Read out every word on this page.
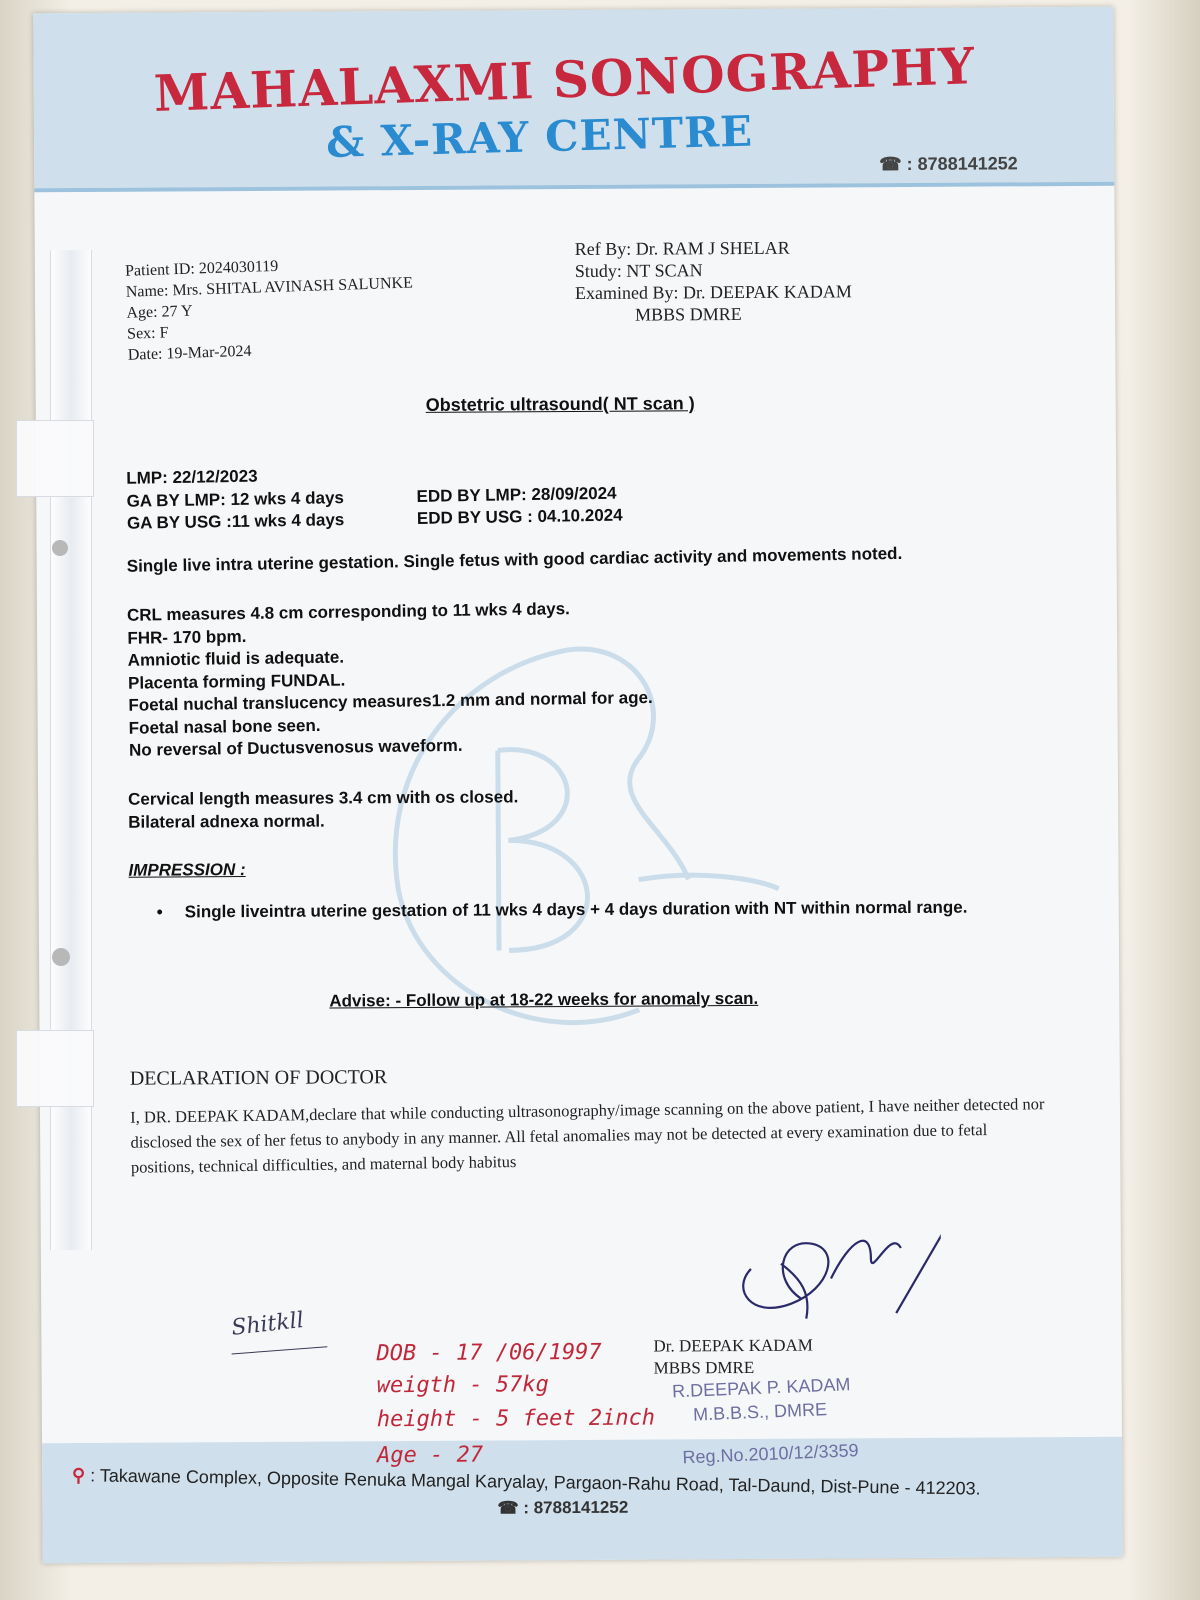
MAHALAXMI SONOGRAPHY
& X-RAY CENTRE	☎ : 8788141252
Patient ID: 2024030119
Name: Mrs. SHITAL AVINASH SALUNKE
Age: 27 Y
Sex: F
Date: 19-Mar-2024
Ref By: Dr. RAM J SHELAR
Study: NT SCAN
Examined By: Dr. DEEPAK KADAM
MBBS DMRE
Obstetric ultrasound( NT scan )
LMP: 22/12/2023
GA BY LMP: 12 wks 4 days	EDD BY LMP: 28/09/2024
GA BY USG :11 wks 4 days	EDD BY USG : 04.10.2024
Single live intra uterine gestation. Single fetus with good cardiac activity and movements noted.
CRL measures 4.8 cm corresponding to 11 wks 4 days.
FHR- 170 bpm.
Amniotic fluid is adequate.
Placenta forming FUNDAL.
Foetal nuchal translucency measures1.2 mm and normal for age.
Foetal nasal bone seen.
No reversal of Ductusvenosus waveform.
Cervical length measures 3.4 cm with os closed.
Bilateral adnexa normal.
IMPRESSION :
•	Single liveintra uterine gestation of 11 wks 4 days + 4 days duration with NT within normal range.
Advise: - Follow up at 18-22 weeks for anomaly scan.
DECLARATION OF DOCTOR
I, DR. DEEPAK KADAM,declare that while conducting ultrasonography/image scanning on the above patient, I have neither detected nor disclosed the sex of her fetus to anybody in any manner. All fetal anomalies may not be detected at every examination due to fetal positions, technical difficulties, and maternal body habitus
Shitkll
DOB - 17 /06/1997
weigth - 57kg
height - 5 feet 2inch
Dr. DEEPAK KADAM
MBBS DMRE
R.DEEPAK P. KADAM
M.B.B.S., DMRE
Age - 27	Reg.No.2010/12/3359
⚲ : Takawane Complex, Opposite Renuka Mangal Karyalay, Pargaon-Rahu Road, Tal-Daund, Dist-Pune - 412203.
☎ : 8788141252
